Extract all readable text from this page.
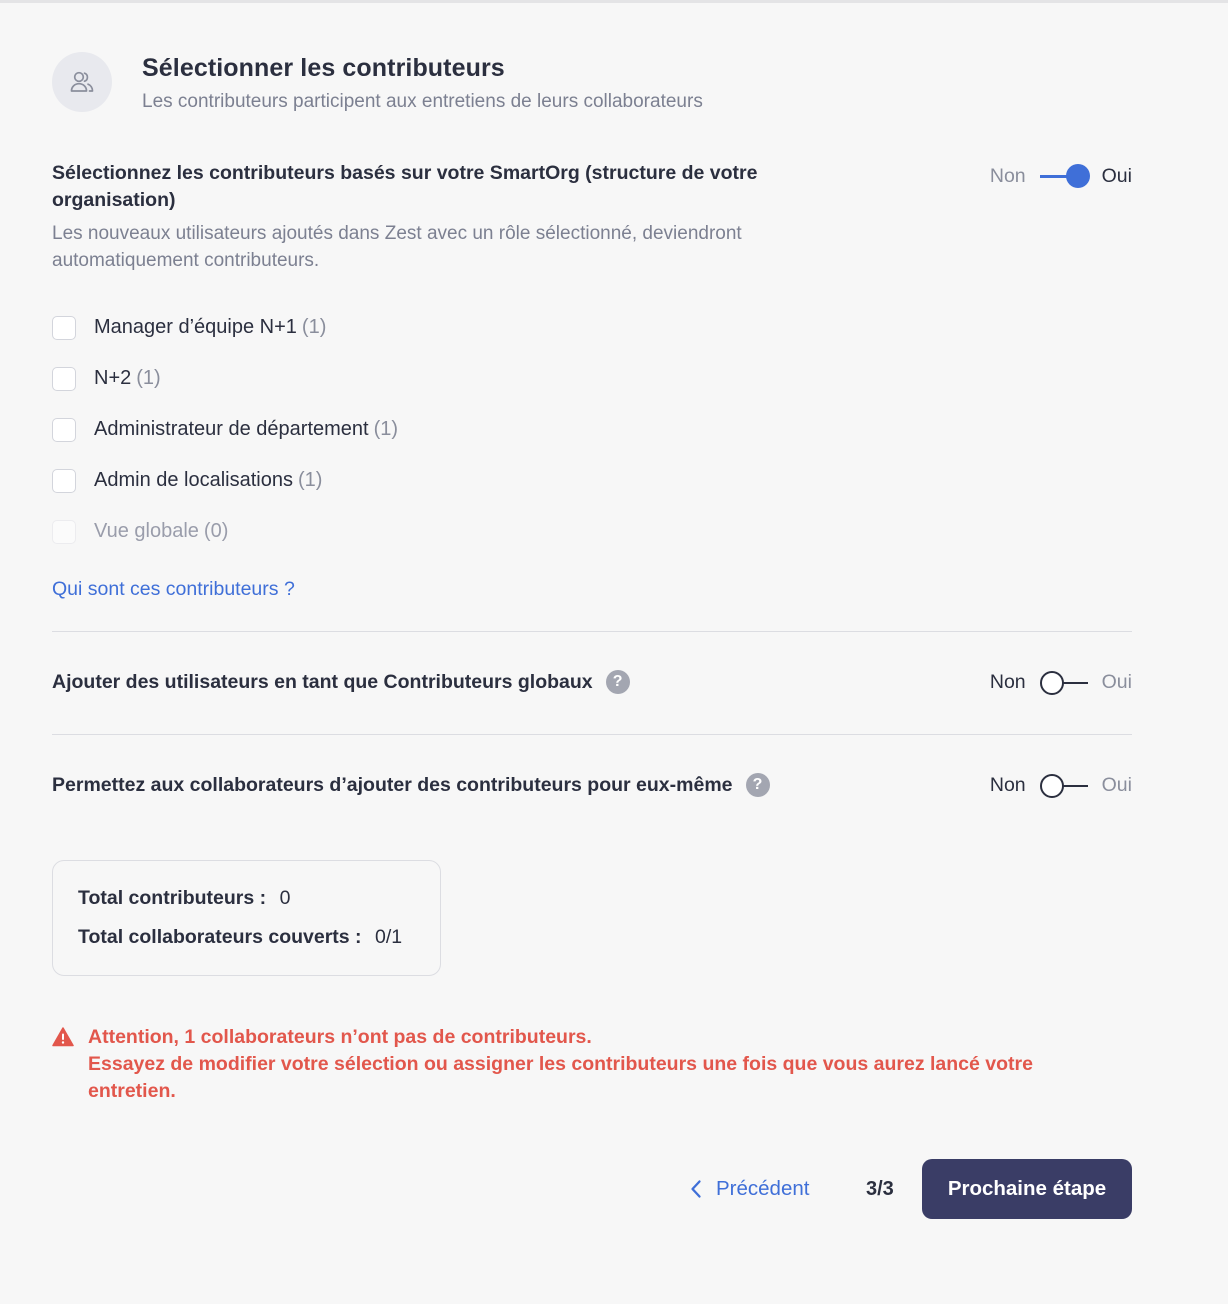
Sélectionner les contributeurs
Les contributeurs participent aux entretiens de leurs collaborateurs
Sélectionnez les contributeurs basés sur votre SmartOrg (structure de votre organisation)
Les nouveaux utilisateurs ajoutés dans Zest avec un rôle sélectionné, deviendront automatiquement contributeurs.
Non	Oui
Manager d’équipe N+1 (1)
N+2 (1)
Administrateur de département (1)
Admin de localisations (1)
Vue globale (0)
Qui sont ces contributeurs ?
Ajouter des utilisateurs en tant que Contributeurs globaux	?	Non	Oui
Permettez aux collaborateurs d’ajouter des contributeurs pour eux-même	?	Non	Oui
Total contributeurs : 0
Total collaborateurs couverts : 0/1
Attention, 1 collaborateurs n’ont pas de contributeurs.
Essayez de modifier votre sélection ou assigner les contributeurs une fois que vous aurez lancé votre entretien.
Précédent	3/3	Prochaine étape
